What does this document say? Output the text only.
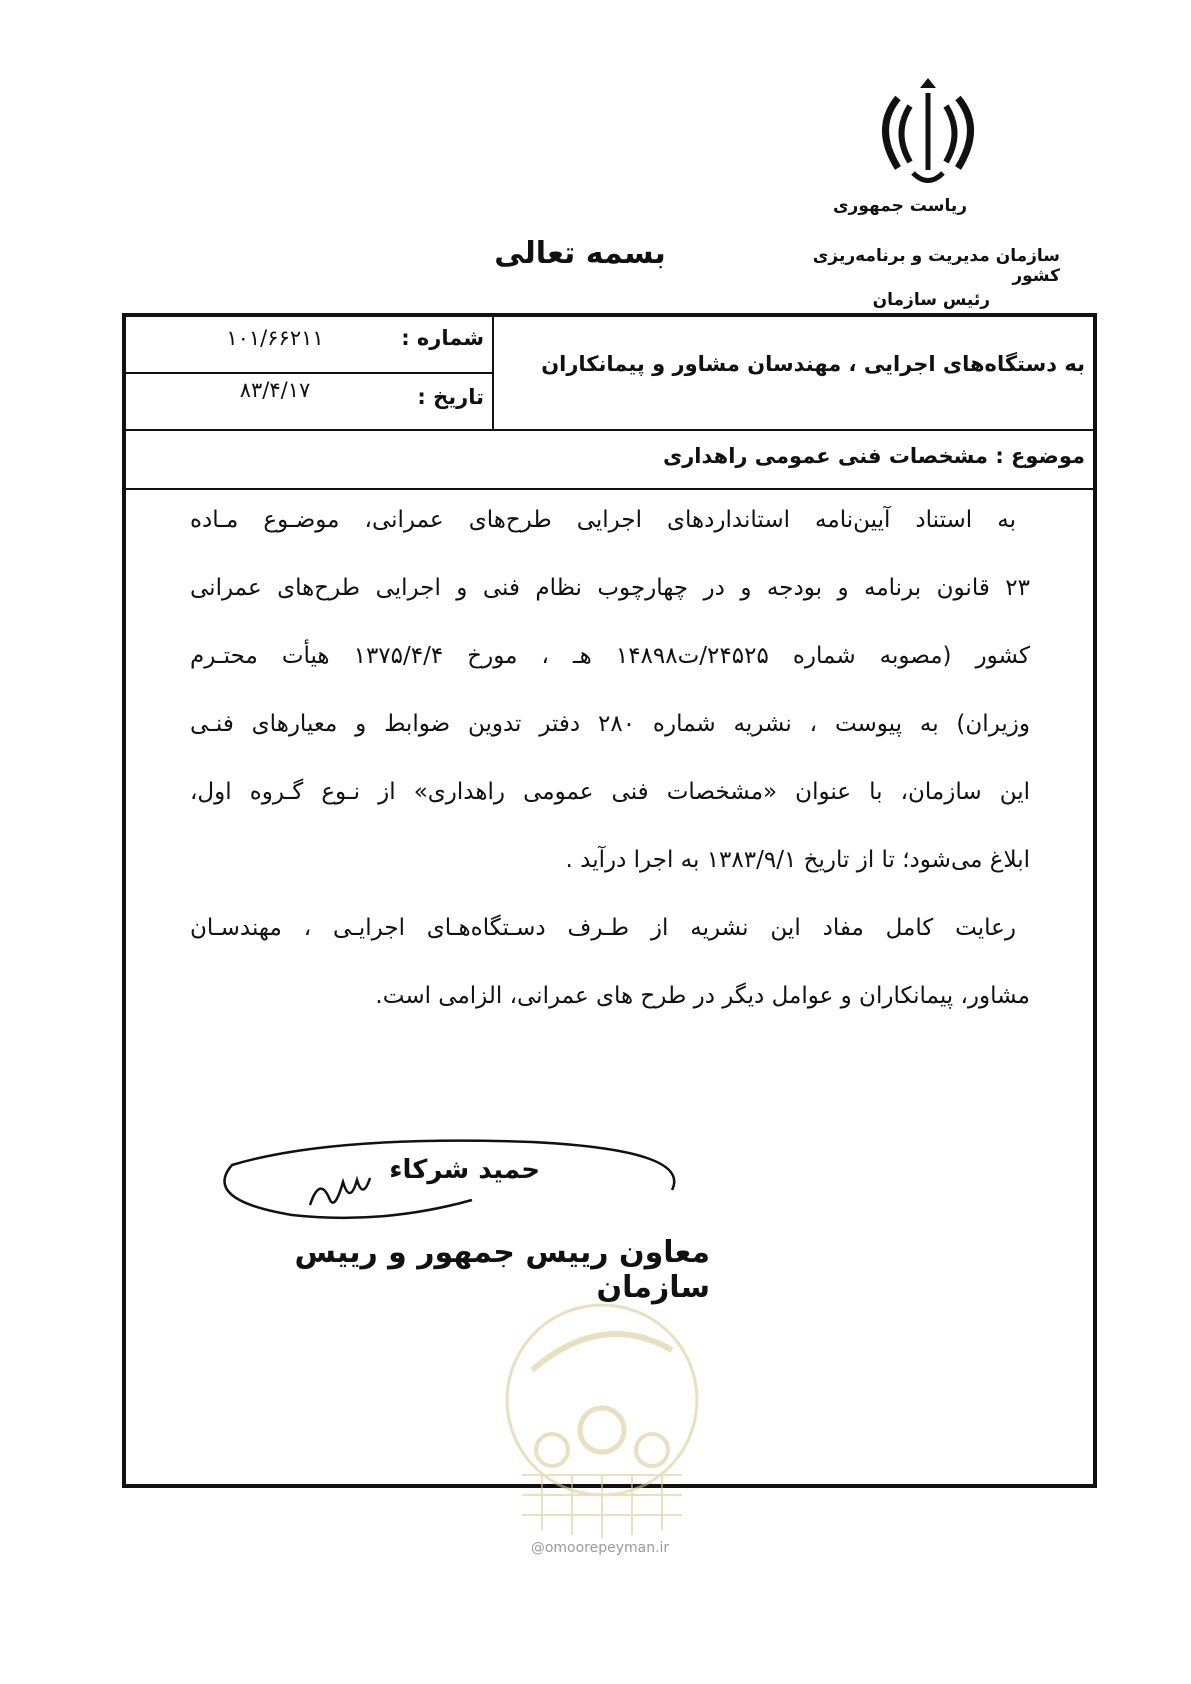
ریاست جمهوری
سازمان مدیریت و برنامه‌ریزی کشور
رئیس سازمان
بسمه تعالی
به دستگاه‌های اجرایی ، مهندسان مشاور و پیمانکاران
شماره :
۱۰۱/۶۶۲۱۱
تاریخ :
۸۳/۴/۱۷
موضوع : مشخصات فنی عمومی راهداری
به استناد آیین‌نامه استانداردهای اجرایی طرح‌های عمرانی، موضـوع مـاده
۲۳ قانون برنامه و بودجه و در چهارچوب نظام فنی و اجرایی طرح‌های عمرانی
کشور (مصوبه شماره ۲۴۵۲۵/ت۱۴۸۹۸ هـ ، مورخ ۱۳۷۵/۴/۴ هیأت محتـرم
وزیران) به پیوست ، نشریه شماره ۲۸۰ دفتر تدوین ضوابط و معیارهای فنـی
این سازمان، با عنوان «مشخصات فنی عمومی راهداری» از نـوع گـروه اول،
ابلاغ می‌شود؛ تا از تاریخ ۱۳۸۳/۹/۱ به اجرا درآید .
رعایت کامل مفاد این نشریه از طـرف دسـتگاه‌هـای اجرایـی ، مهندسـان
مشاور، پیمانکاران و عوامل دیگر در طرح های عمرانی، الزامی است.
حمید شرکاء
معاون رییس جمهور و رییس سازمان
@omoorepeyman.ir
